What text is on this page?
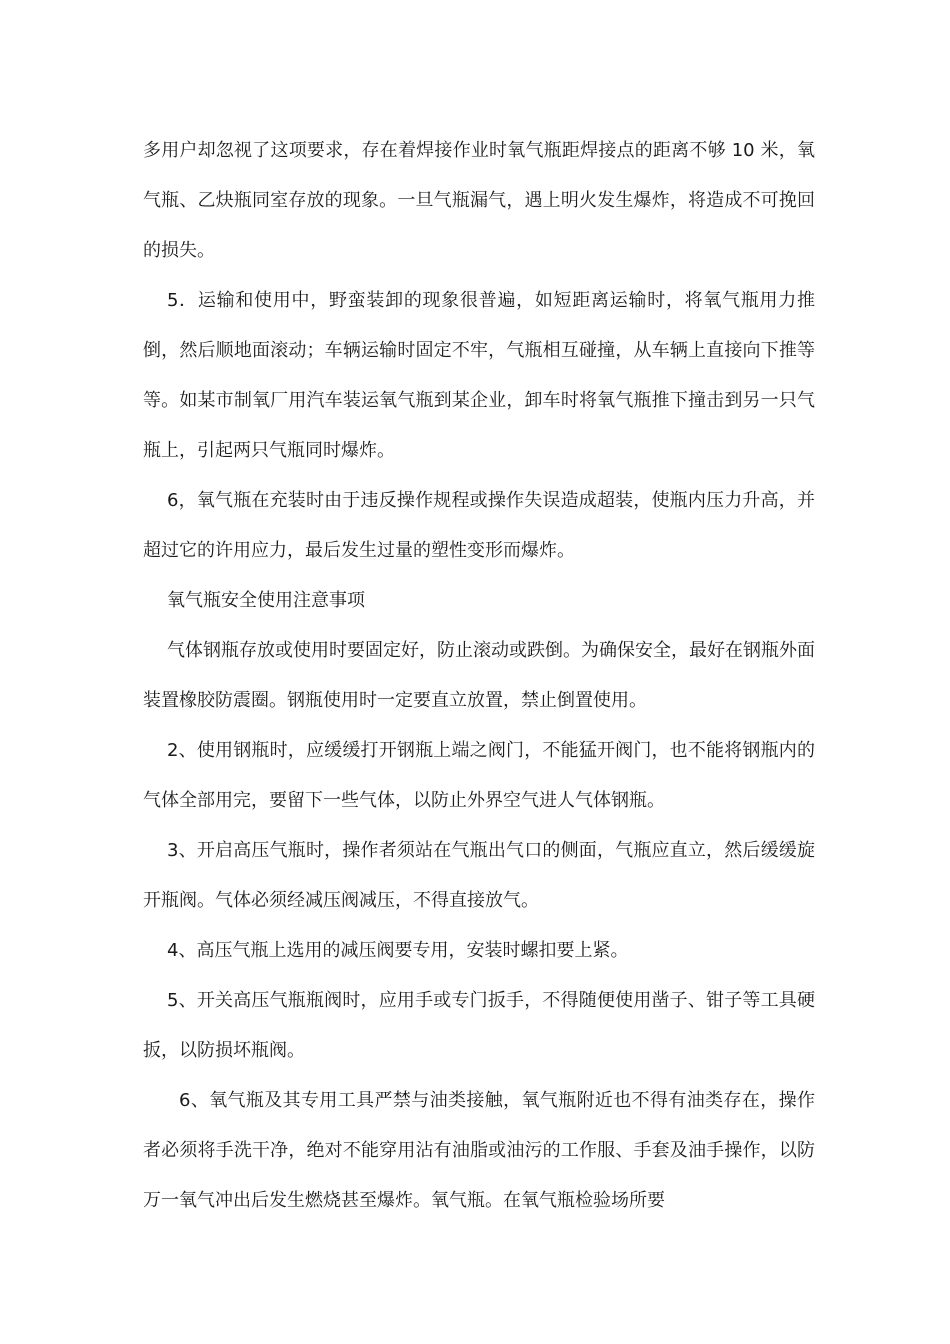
多用户却忽视了这项要求，存在着焊接作业时氧气瓶距焊接点的距离不够 10 米，氧气瓶、乙炔瓶同室存放的现象。一旦气瓶漏气，遇上明火发生爆炸，将造成不可挽回的损失。

5．运输和使用中，野蛮装卸的现象很普遍，如短距离运输时，将氧气瓶用力推倒，然后顺地面滚动；车辆运输时固定不牢，气瓶相互碰撞，从车辆上直接向下推等等。如某市制氧厂用汽车装运氧气瓶到某企业，卸车时将氧气瓶推下撞击到另一只气瓶上，引起两只气瓶同时爆炸。

6，氧气瓶在充装时由于违反操作规程或操作失误造成超装，使瓶内压力升高，并超过它的许用应力，最后发生过量的塑性变形而爆炸。

氧气瓶安全使用注意事项

气体钢瓶存放或使用时要固定好，防止滚动或跌倒。为确保安全，最好在钢瓶外面装置橡胶防震圈。钢瓶使用时一定要直立放置，禁止倒置使用。

2、使用钢瓶时，应缓缓打开钢瓶上端之阀门，不能猛开阀门，也不能将钢瓶内的气体全部用完，要留下一些气体，以防止外界空气进人气体钢瓶。

3、开启高压气瓶时，操作者须站在气瓶出气口的侧面，气瓶应直立，然后缓缓旋开瓶阀。气体必须经减压阀减压，不得直接放气。

4、高压气瓶上选用的减压阀要专用，安装时螺扣要上紧。

5、开关高压气瓶瓶阀时，应用手或专门扳手，不得随便使用凿子、钳子等工具硬扳，以防损坏瓶阀。

6、氧气瓶及其专用工具严禁与油类接触，氧气瓶附近也不得有油类存在，操作者必须将手洗干净，绝对不能穿用沾有油脂或油污的工作服、手套及油手操作，以防万一氧气冲出后发生燃烧甚至爆炸。氧气瓶。在氧气瓶检验场所要
